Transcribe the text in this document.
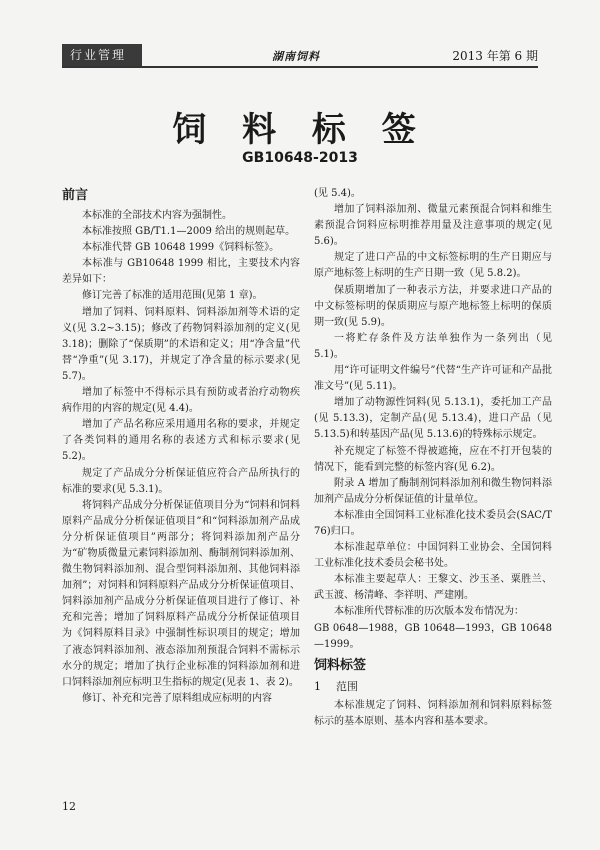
行业管理	湖南饲料	2013 年第 6 期
饲 料 标 签
GB10648-2013
前言

本标准的全部技术内容为强制性。

本标准按照 GB/T1.1—2009 给出的规则起草。

本标准代替 GB 10648 1999《饲料标签》。

本标准与 GB10648 1999 相比，主要技术内容差异如下：

修订完善了标准的适用范围(见第 1 章)。

增加了饲料、饲料原料、饲料添加剂等术语的定义(见 3.2~3.15)；修改了药物饲料添加剂的定义(见 3.18)；删除了“保质期”的术语和定义；用“净含量”代替“净重”(见 3.17)，并规定了净含量的标示要求(见 5.7)。

增加了标签中不得标示具有预防或者治疗动物疾病作用的内容的规定(见 4.4)。

增加了产品名称应采用通用名称的要求，并规定了各类饲料的通用名称的表述方式和标示要求(见 5.2)。

规定了产品成分分析保证值应符合产品所执行的标准的要求(见 5.3.1)。

将饲料产品成分分析保证值项目分为“饲料和饲料原料产品成分分析保证值项目”和“饲料添加剂产品成分分析保证值项目”两部分；将饲料添加剂产品分为“矿物质微量元素饲料添加剂、酶制剂饲料添加剂、微生物饲料添加剂、混合型饲料添加剂、其他饲料添加剂”；对饲料和饲料原料产品成分分析保证值项目、饲料添加剂产品成分分析保证值项目进行了修订、补充和完善；增加了饲料原料产品成分分析保证值项目为《饲料原料目录》中强制性标识项目的规定；增加了液态饲料添加剂、液态添加剂预混合饲料不需标示水分的规定；增加了执行企业标准的饲料添加剂和进口饲料添加剂应标明卫生指标的规定(见表 1、表 2)。

修订、补充和完善了原料组成应标明的内容

(见 5.4)。

增加了饲料添加剂、微量元素预混合饲料和维生素预混合饲料应标明推荐用量及注意事项的规定(见 5.6)。

规定了进口产品的中文标签标明的生产日期应与原产地标签上标明的生产日期一致（见 5.8.2)。

保质期增加了一种表示方法，并要求进口产品的中文标签标明的保质期应与原产地标签上标明的保质期一致(见 5.9)。

一将贮存条件及方法单独作为一条列出（见 5.1)。

用“许可证明文件编号”代替“生产许可证和产品批准文号”(见 5.11)。

增加了动物源性饲料(见 5.13.1)，委托加工产品(见 5.13.3)，定制产品(见 5.13.4)，进口产品（见 5.13.5)和转基因产品(见 5.13.6)的特殊标示规定。

补充规定了标签不得被遮掩，应在不打开包装的情况下，能看到完整的标签内容(见 6.2)。

附录 A 增加了酶制剂饲料添加剂和微生物饲料添加剂产品成分分析保证值的计量单位。

本标准由全国饲料工业标准化技术委员会(SAC/T 76)归口。

本标准起草单位：中国饲料工业协会、全国饲料工业标准化技术委员会秘书处。

本标准主要起草人：王黎文、沙玉圣、粟胜兰、武玉渡、杨清峰、李祥明、严建刚。

本标准所代替标准的历次版本发布情况为：

GB 0648—1988，GB 10648—1993，GB 10648—1999。

饲料标签
1 范围

本标准规定了饲料、饲料添加剂和饲料原料标签标示的基本原则、基本内容和基本要求。

12
